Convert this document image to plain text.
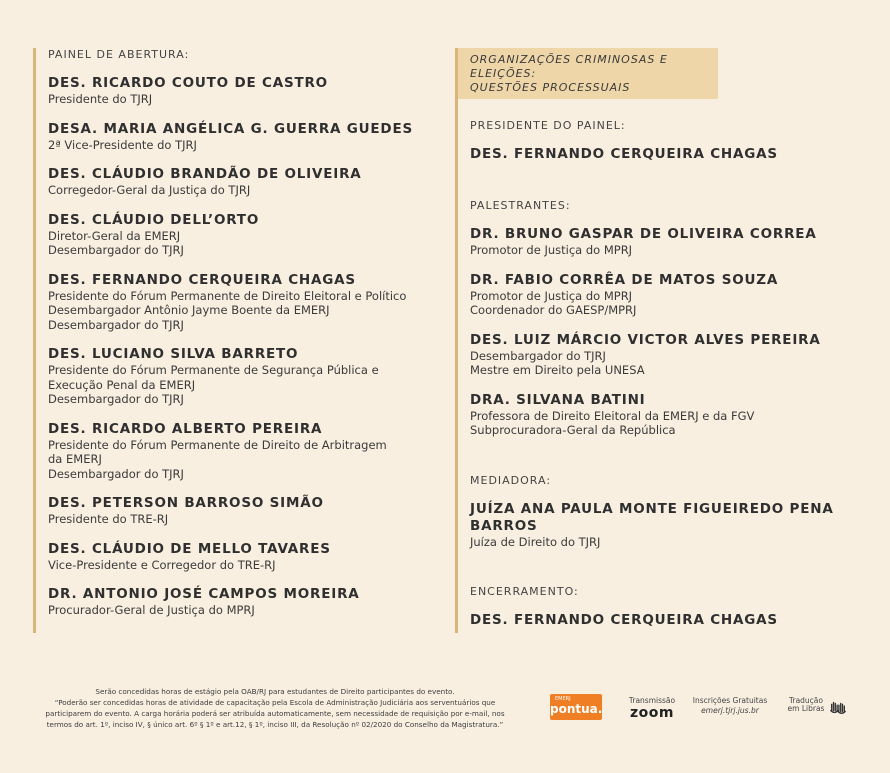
PAINEL DE ABERTURA:
DES. RICARDO COUTO DE CASTRO
Presidente do TJRJ
DESA. MARIA ANGÉLICA G. GUERRA GUEDES
2ª Vice-Presidente do TJRJ
DES. CLÁUDIO BRANDÃO DE OLIVEIRA
Corregedor-Geral da Justiça do TJRJ
DES. CLÁUDIO DELL’ORTO
Diretor-Geral da EMERJ
Desembargador do TJRJ
DES. FERNANDO CERQUEIRA CHAGAS
Presidente do Fórum Permanente de Direito Eleitoral e Político
Desembargador Antônio Jayme Boente da EMERJ
Desembargador do TJRJ
DES. LUCIANO SILVA BARRETO
Presidente do Fórum Permanente de Segurança Pública e
Execução Penal da EMERJ
Desembargador do TJRJ
DES. RICARDO ALBERTO PEREIRA
Presidente do Fórum Permanente de Direito de Arbitragem
da EMERJ
Desembargador do TJRJ
DES. PETERSON BARROSO SIMÃO
Presidente do TRE-RJ
DES. CLÁUDIO DE MELLO TAVARES
Vice-Presidente e Corregedor do TRE-RJ
DR. ANTONIO JOSÉ CAMPOS MOREIRA
Procurador-Geral de Justiça do MPRJ
ORGANIZAÇÕES CRIMINOSAS E ELEIÇÕES:
QUESTÕES PROCESSUAIS
PRESIDENTE DO PAINEL:
DES. FERNANDO CERQUEIRA CHAGAS
PALESTRANTES:
DR. BRUNO GASPAR DE OLIVEIRA CORREA
Promotor de Justiça do MPRJ
DR. FABIO CORRÊA DE MATOS SOUZA
Promotor de Justiça do MPRJ
Coordenador do GAESP/MPRJ
DES. LUIZ MÁRCIO VICTOR ALVES PEREIRA
Desembargador do TJRJ
Mestre em Direito pela UNESA
DRA. SILVANA BATINI
Professora de Direito Eleitoral da EMERJ e da FGV
Subprocuradora-Geral da República
MEDIADORA:
JUÍZA ANA PAULA MONTE FIGUEIREDO PENA BARROS
Juíza de Direito do TJRJ
ENCERRAMENTO:
DES. FERNANDO CERQUEIRA CHAGAS
Serão concedidas horas de estágio pela OAB/RJ para estudantes de Direito participantes do evento.
“Poderão ser concedidas horas de atividade de capacitação pela Escola de Administração Judiciária aos serventuários que
participarem do evento. A carga horária poderá ser atribuída automaticamente, sem necessidade de requisição por e-mail, nos
termos do art. 1º, inciso IV, § único art. 6º § 1º e art.12, § 1º, inciso III, da Resolução nº 02/2020 do Conselho da Magistratura.”
EMERJ
pontua.
Transmissão
zoom
Inscrições Gratuitas
emerj.tjrj.jus.br
Tradução
em Libras
